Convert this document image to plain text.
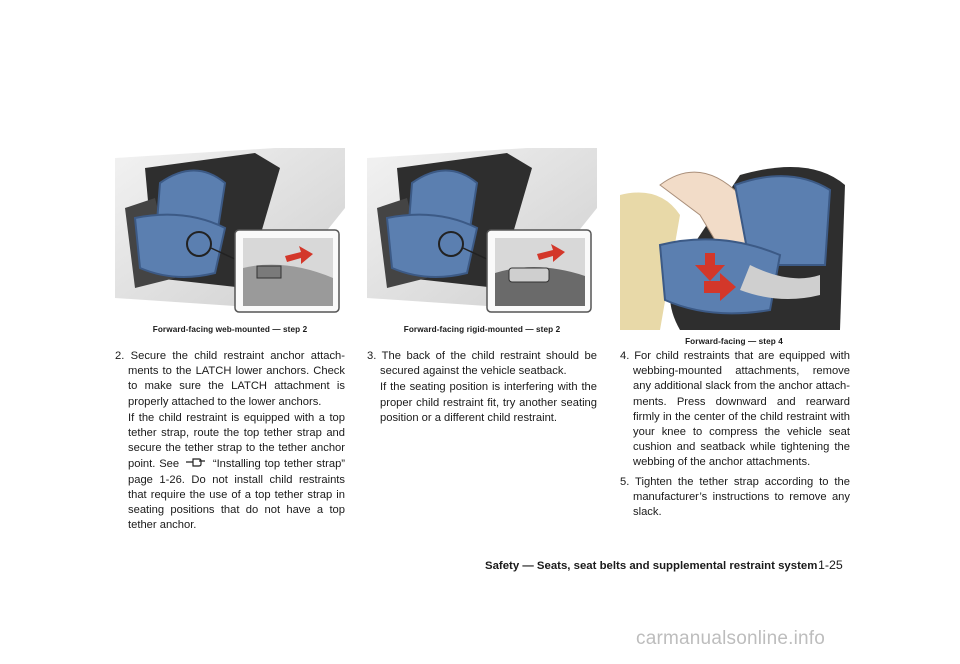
Forward-facing web-mounted — step 2	Forward-facing rigid-mounted — step 2
Forward-facing — step 4

2. Secure the child restraint anchor attach- ments to the LATCH lower anchors. Check to make sure the LATCH attachment is properly attached to the lower anchors.

If the child restraint is equipped with a top tether strap, route the top tether strap and secure the tether strap to the tether anchor point. See	“Installing top tether strap” page 1-26. Do not install child restraints that require the use of a top tether strap in seating positions that do not have a top tether anchor.

3. The back of the child restraint should be secured against the vehicle seatback.

If the seating position is interfering with the proper child restraint fit, try another seating position or a different child restraint.

4. For child restraints that are equipped with webbing-mounted attachments, remove any additional slack from the anchor attach- ments. Press downward and rearward firmly in the center of the child restraint with your knee to compress the vehicle seat cushion and seatback while tightening the webbing of the anchor attachments.

5. Tighten the tether strap according to the manufacturer’s instructions to remove any slack.

Safety — Seats, seat belts and supplemental restraint system 1-25
carmanualsonline.info
